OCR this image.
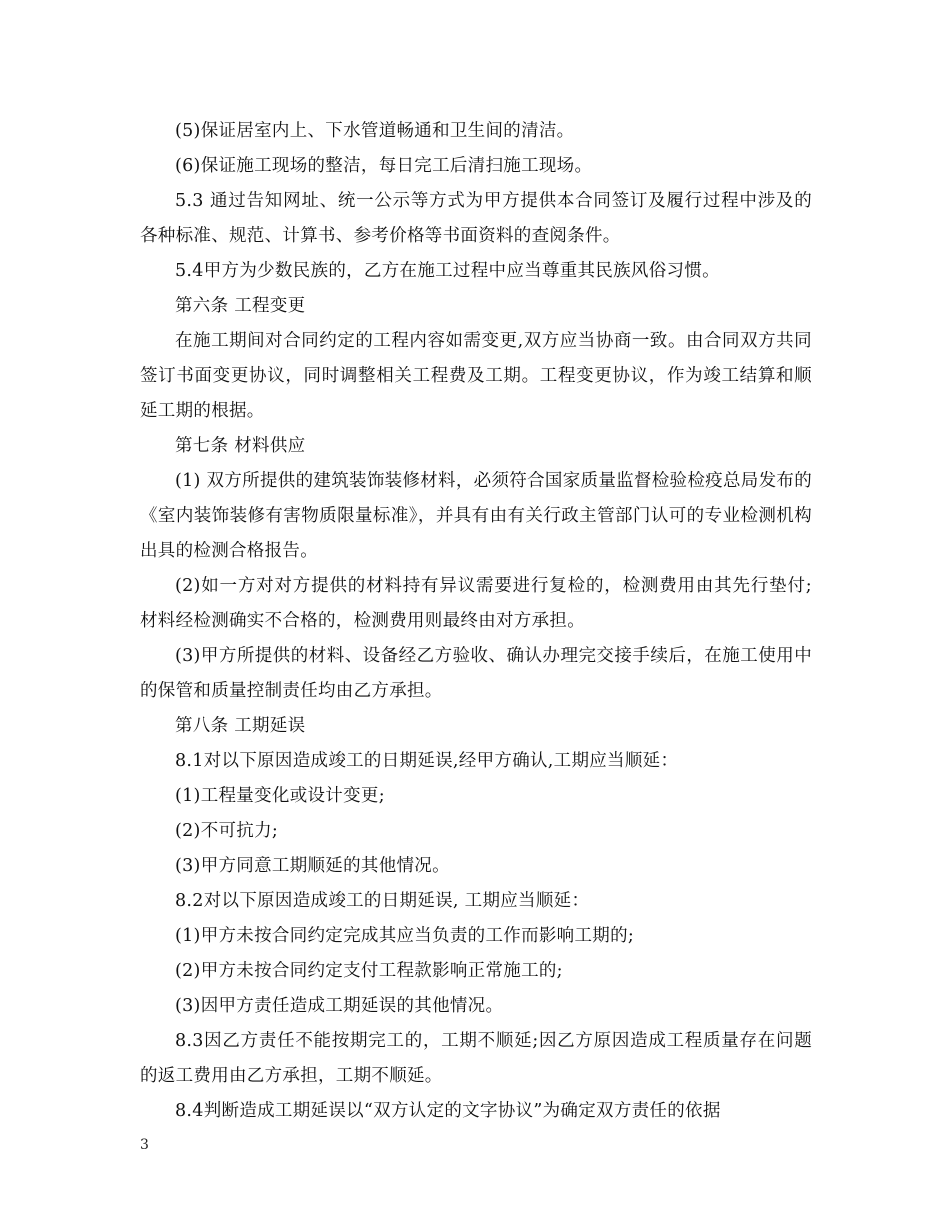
(5)保证居室内上、下水管道畅通和卫生间的清洁。

(6)保证施工现场的整洁，每日完工后清扫施工现场。

5.3 通过告知网址、统一公示等方式为甲方提供本合同签订及履行过程中涉及的各种标准、规范、计算书、参考价格等书面资料的查阅条件。

5.4甲方为少数民族的，乙方在施工过程中应当尊重其民族风俗习惯。

第六条 工程变更

在施工期间对合同约定的工程内容如需变更,双方应当协商一致。由合同双方共同签订书面变更协议，同时调整相关工程费及工期。工程变更协议，作为竣工结算和顺延工期的根据。

第七条 材料供应

(1) 双方所提供的建筑装饰装修材料，必须符合国家质量监督检验检疫总局发布的《室内装饰装修有害物质限量标准》，并具有由有关行政主管部门认可的专业检测机构出具的检测合格报告。

(2)如一方对对方提供的材料持有异议需要进行复检的，检测费用由其先行垫付;材料经检测确实不合格的，检测费用则最终由对方承担。

(3)甲方所提供的材料、设备经乙方验收、确认办理完交接手续后，在施工使用中的保管和质量控制责任均由乙方承担。

第八条 工期延误

8.1对以下原因造成竣工的日期延误,经甲方确认,工期应当顺延：

(1)工程量变化或设计变更;

(2)不可抗力;

(3)甲方同意工期顺延的其他情况。

8.2对以下原因造成竣工的日期延误, 工期应当顺延：

(1)甲方未按合同约定完成其应当负责的工作而影响工期的;

(2)甲方未按合同约定支付工程款影响正常施工的;

(3)因甲方责任造成工期延误的其他情况。

8.3因乙方责任不能按期完工的，工期不顺延;因乙方原因造成工程质量存在问题的返工费用由乙方承担，工期不顺延。

8.4判断造成工期延误以“双方认定的文字协议”为确定双方责任的依据

3
